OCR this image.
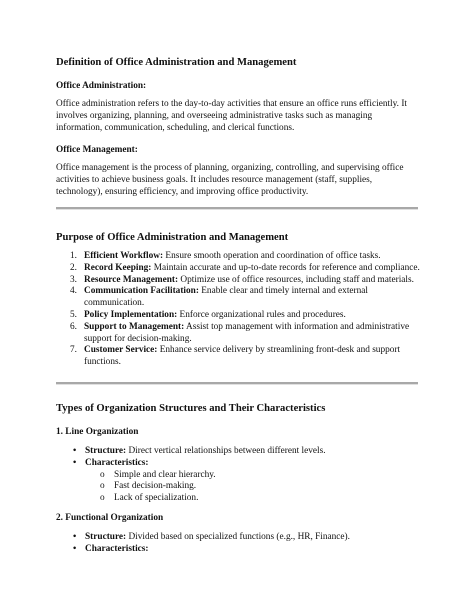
Definition of Office Administration and Management
Office Administration:

Office administration refers to the day-to-day activities that ensure an office runs efficiently. It involves organizing, planning, and overseeing administrative tasks such as managing information, communication, scheduling, and clerical functions.

Office Management:

Office management is the process of planning, organizing, controlling, and supervising office activities to achieve business goals. It includes resource management (staff, supplies, technology), ensuring efficiency, and improving office productivity.

Purpose of Office Administration and Management
1. Efficient Workflow: Ensure smooth operation and coordination of office tasks.
2. Record Keeping: Maintain accurate and up-to-date records for reference and compliance.
3. Resource Management: Optimize use of office resources, including staff and materials.
4. Communication Facilitation: Enable clear and timely internal and external communication.
5. Policy Implementation: Enforce organizational rules and procedures.
6. Support to Management: Assist top management with information and administrative support for decision-making.
7. Customer Service: Enhance service delivery by streamlining front-desk and support functions.
Types of Organization Structures and Their Characteristics
1. Line Organization
• Structure: Direct vertical relationships between different levels.
• Characteristics:
o Simple and clear hierarchy.
o Fast decision-making.
o Lack of specialization.
2. Functional Organization
• Structure: Divided based on specialized functions (e.g., HR, Finance).
• Characteristics:
